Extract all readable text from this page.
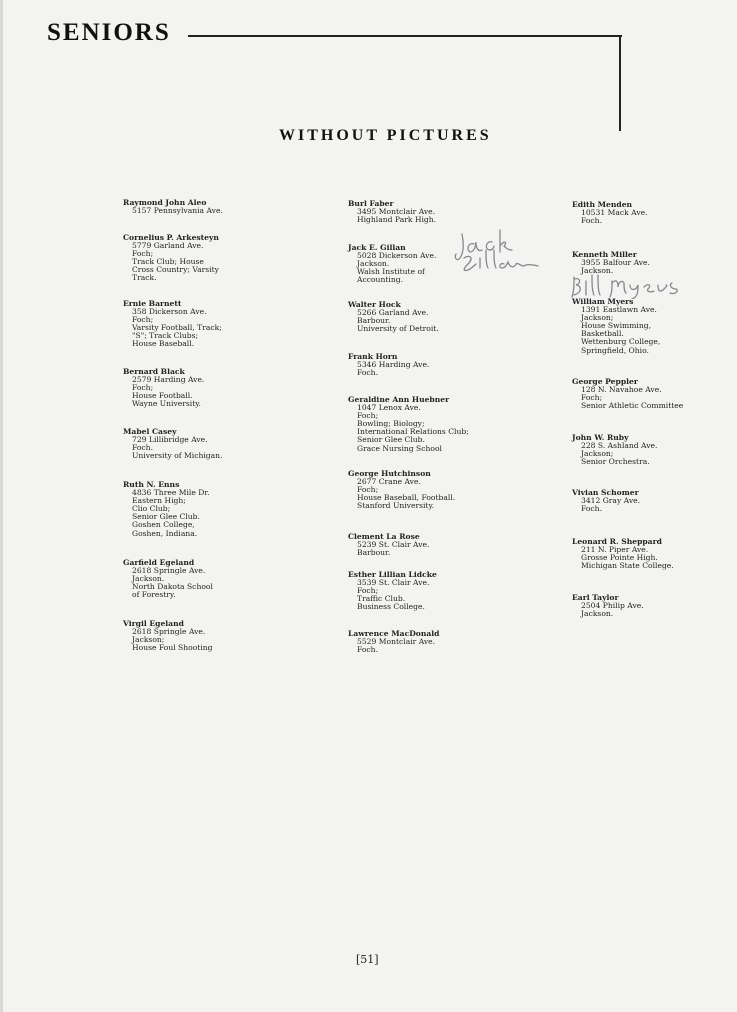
SENIORS
WITHOUT PICTURES
Raymond John Aleo
5157 Pennsylvania Ave.
Cornelius P. Arkesteyn
5779 Garland Ave.
Foch;
Track Club; House
Cross Country; Varsity
Track.
Ernie Barnett
358 Dickerson Ave.
Foch;
Varsity Football, Track;
"S"; Track Clubs;
House Baseball.
Bernard Black
2579 Harding Ave.
Foch;
House Football.
Wayne University.
Mabel Casey
729 Lillibridge Ave.
Foch.
University of Michigan.
Ruth N. Enns
4836 Three Mile Dr.
Eastern High;
Clio Club;
Senior Glee Club.
Goshen College,
Goshen, Indiana.
Garfield Egeland
2618 Springle Ave.
Jackson.
North Dakota School
of Forestry.
Virgil Egeland
2618 Springle Ave.
Jackson;
House Foul Shooting
Burl Faber
3495 Montclair Ave.
Highland Park High.
Jack E. Gillan
5028 Dickerson Ave.
Jackson.
Walsh Institute of
Accounting.
Walter Hock
5266 Garland Ave.
Barbour.
University of Detroit.
Frank Horn
5346 Harding Ave.
Foch.
Geraldine Ann Huebner
1047 Lenox Ave.
Foch;
Bowling; Biology;
International Relations Club;
Senior Glee Club.
Grace Nursing School
George Hutchinson
2677 Crane Ave.
Foch;
House Baseball, Football.
Stanford University.
Clement La Rose
5239 St. Clair Ave.
Barbour.
Esther Lillian Lidcke
3539 St. Clair Ave.
Foch;
Traffic Club.
Business College.
Lawrence MacDonald
5529 Montclair Ave.
Foch.
Edith Menden
10531 Mack Ave.
Foch.
Kenneth Miller
3955 Balfour Ave.
Jackson.
William Myers
1391 Eastlawn Ave.
Jackson;
House Swimming,
Basketball.
Wettenburg College,
Springfield, Ohio.
George Peppler
128 N. Navahoe Ave.
Foch;
Senior Athletic Committee
John W. Ruby
228 S. Ashland Ave.
Jackson;
Senior Orchestra.
Vivian Schomer
3412 Gray Ave.
Foch.
Leonard R. Sheppard
211 N. Piper Ave.
Grosse Pointe High.
Michigan State College.
Earl Taylor
2504 Philip Ave.
Jackson.
[51]
